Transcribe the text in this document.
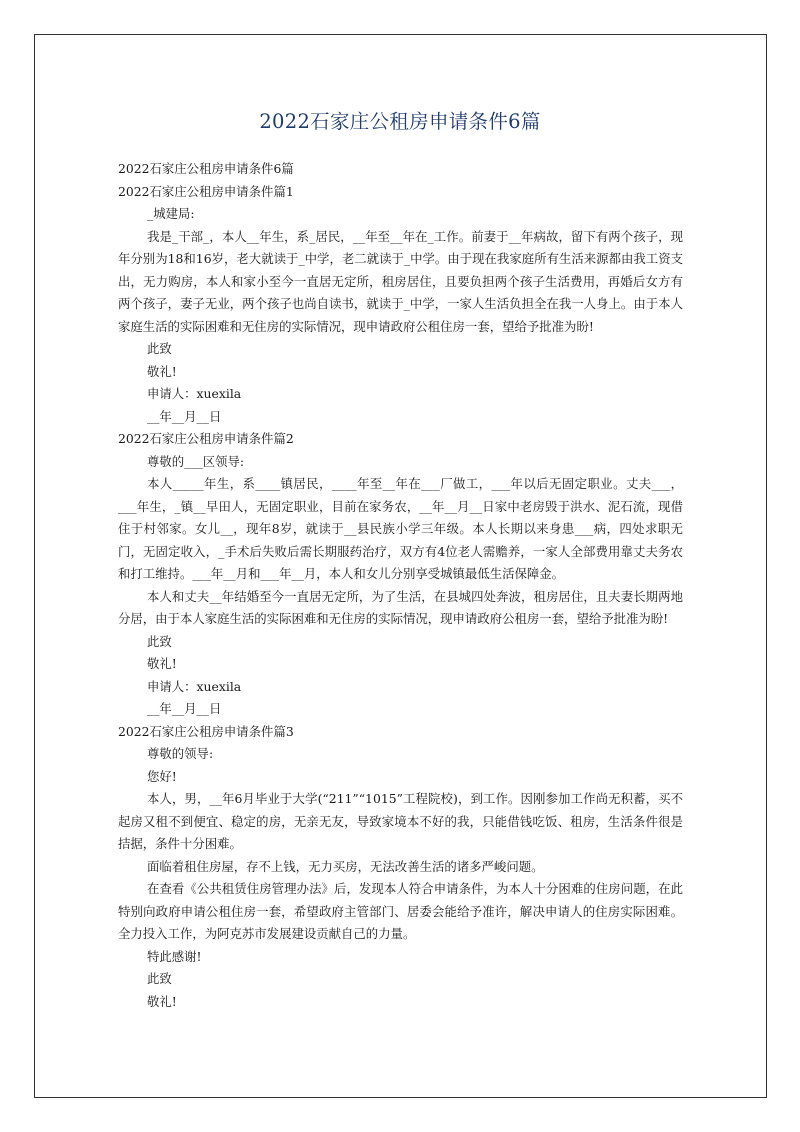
2022石家庄公租房申请条件6篇

2022石家庄公租房申请条件6篇

2022石家庄公租房申请条件篇1

_城建局:

我是_干部_，本人__年生，系_居民，__年至__年在_工作。前妻于__年病故，留下有两个孩子，现年分别为18和16岁，老大就读于_中学，老二就读于_中学。由于现在我家庭所有生活来源都由我工资支出，无力购房，本人和家小至今一直居无定所，租房居住，且要负担两个孩子生活费用，再婚后女方有两个孩子，妻子无业，两个孩子也尚自读书，就读于_中学，一家人生活负担全在我一人身上。由于本人家庭生活的实际困难和无住房的实际情况，现申请政府公租住房一套，望给予批准为盼!

此致

敬礼!

申请人：xuexila

__年__月__日

2022石家庄公租房申请条件篇2

尊敬的___区领导:

本人_____年生，系____镇居民，____年至__年在___厂做工，___年以后无固定职业。丈夫___，___年生，_镇__早田人，无固定职业，目前在家务农，__年__月__日家中老房毁于洪水、泥石流，现借住于村邻家。女儿__，现年8岁，就读于__县民族小学三年级。本人长期以来身患___病，四处求职无门，无固定收入，_手术后失败后需长期服药治疗，双方有4位老人需赡养，一家人全部费用靠丈夫务农和打工维持。___年__月和___年__月，本人和女儿分别享受城镇最低生活保障金。

本人和丈夫__年结婚至今一直居无定所，为了生活，在县城四处奔波，租房居住，且夫妻长期两地分居，由于本人家庭生活的实际困难和无住房的实际情况，现申请政府公租房一套，望给予批准为盼!

此致

敬礼!

申请人：xuexila

__年__月__日

2022石家庄公租房申请条件篇3

尊敬的领导:

您好!

本人，男，__年6月毕业于大学(“211”“1015”工程院校)，到工作。因刚参加工作尚无积蓄，买不起房又租不到便宜、稳定的房，无亲无友，导致家境本不好的我，只能借钱吃饭、租房，生活条件很是拮据，条件十分困难。

面临着租住房屋，存不上钱，无力买房，无法改善生活的诸多严峻问题。

在查看《公共租赁住房管理办法》后，发现本人符合申请条件，为本人十分困难的住房问题，在此特别向政府申请公租住房一套，希望政府主管部门、居委会能给予准许，解决申请人的住房实际困难。全力投入工作，为阿克苏市发展建设贡献自己的力量。

特此感谢!

此致

敬礼!
